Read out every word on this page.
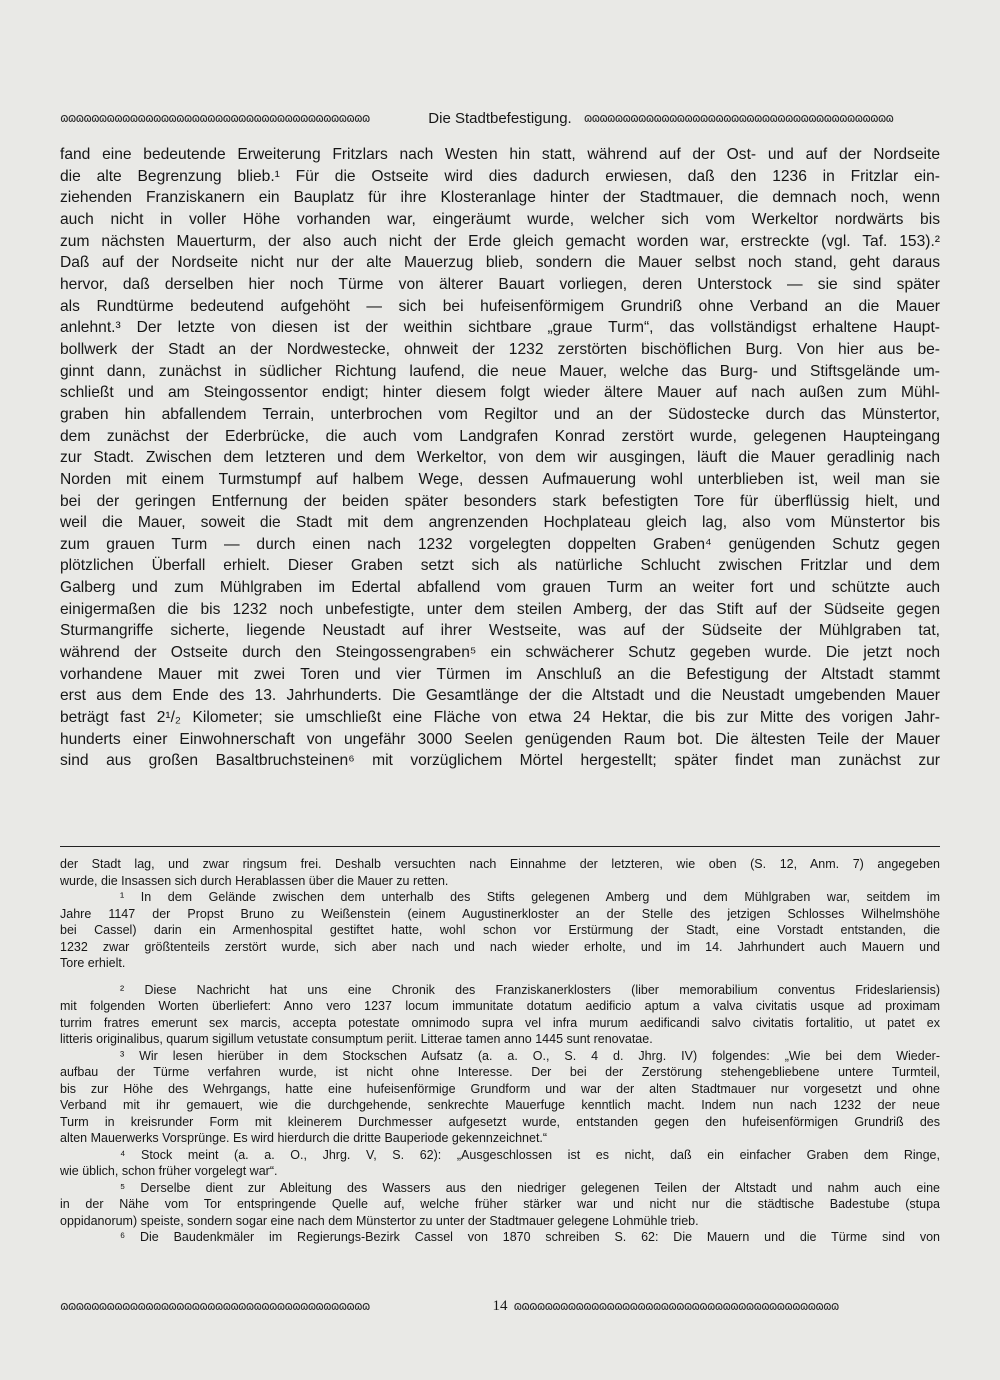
ɷɷɷɷɷɷɷɷɷɷɷɷɷɷɷɷɷɷɷɷɷɷɷɷɷɷɷɷɷɷɷɷɷɷɷɷɷɷɷɷ	Die Stadtbefestigung. ɷɷɷɷɷɷɷɷɷɷɷɷɷɷɷɷɷɷɷɷɷɷɷɷɷɷɷɷɷɷɷɷɷɷɷɷɷɷɷɷ
fand eine bedeutende Erweiterung Fritzlars nach Westen hin statt, während auf der Ost- und auf der Nordseite
die alte Begrenzung blieb.¹ Für die Ostseite wird dies dadurch erwiesen, daß den 1236 in Fritzlar ein-
ziehenden Franziskanern ein Bauplatz für ihre Klosteranlage hinter der Stadtmauer, die demnach noch, wenn
auch nicht in voller Höhe vorhanden war, eingeräumt wurde, welcher sich vom Werkeltor nordwärts bis
zum nächsten Mauerturm, der also auch nicht der Erde gleich gemacht worden war, erstreckte (vgl. Taf. 153).²
Daß auf der Nordseite nicht nur der alte Mauerzug blieb, sondern die Mauer selbst noch stand, geht daraus
hervor, daß derselben hier noch Türme von älterer Bauart vorliegen, deren Unterstock — sie sind später
als Rundtürme bedeutend aufgehöht — sich bei hufeisenförmigem Grundriß ohne Verband an die Mauer
anlehnt.³ Der letzte von diesen ist der weithin sichtbare „graue Turm“, das vollständigst erhaltene Haupt-
bollwerk der Stadt an der Nordwestecke, ohnweit der 1232 zerstörten bischöflichen Burg. Von hier aus be-
ginnt dann, zunächst in südlicher Richtung laufend, die neue Mauer, welche das Burg- und Stiftsgelände um-
schließt und am Steingossentor endigt; hinter diesem folgt wieder ältere Mauer auf nach außen zum Mühl-
graben hin abfallendem Terrain, unterbrochen vom Regiltor und an der Südostecke durch das Münstertor,
dem zunächst der Ederbrücke, die auch vom Landgrafen Konrad zerstört wurde, gelegenen Haupteingang
zur Stadt. Zwischen dem letzteren und dem Werkeltor, von dem wir ausgingen, läuft die Mauer geradlinig nach
Norden mit einem Turmstumpf auf halbem Wege, dessen Aufmauerung wohl unterblieben ist, weil man sie
bei der geringen Entfernung der beiden später besonders stark befestigten Tore für überflüssig hielt, und
weil die Mauer, soweit die Stadt mit dem angrenzenden Hochplateau gleich lag, also vom Münstertor bis
zum grauen Turm — durch einen nach 1232 vorgelegten doppelten Graben⁴ genügenden Schutz gegen
plötzlichen Überfall erhielt. Dieser Graben setzt sich als natürliche Schlucht zwischen Fritzlar und dem
Galberg und zum Mühlgraben im Edertal abfallend vom grauen Turm an weiter fort und schützte auch
einigermaßen die bis 1232 noch unbefestigte, unter dem steilen Amberg, der das Stift auf der Südseite gegen
Sturmangriffe sicherte, liegende Neustadt auf ihrer Westseite, was auf der Südseite der Mühlgraben tat,
während der Ostseite durch den Steingossengraben⁵ ein schwächerer Schutz gegeben wurde. Die jetzt noch
vorhandene Mauer mit zwei Toren und vier Türmen im Anschluß an die Befestigung der Altstadt stammt
erst aus dem Ende des 13. Jahrhunderts. Die Gesamtlänge der die Altstadt und die Neustadt umgebenden Mauer
beträgt fast 2¹/₂ Kilometer; sie umschließt eine Fläche von etwa 24 Hektar, die bis zur Mitte des vorigen Jahr-
hunderts einer Einwohnerschaft von ungefähr 3000 Seelen genügenden Raum bot. Die ältesten Teile der Mauer
sind aus großen Basaltbruchsteinen⁶ mit vorzüglichem Mörtel hergestellt; später findet man zunächst zur
der Stadt lag, und zwar ringsum frei. Deshalb versuchten nach Einnahme der letzteren, wie oben (S. 12, Anm. 7) angegeben
wurde, die Insassen sich durch Herablassen über die Mauer zu retten.
¹ In dem Gelände zwischen dem unterhalb des Stifts gelegenen Amberg und dem Mühlgraben war, seitdem im
Jahre 1147 der Propst Bruno zu Weißenstein (einem Augustinerkloster an der Stelle des jetzigen Schlosses Wilhelmshöhe
bei Cassel) darin ein Armenhospital gestiftet hatte, wohl schon vor Erstürmung der Stadt, eine Vorstadt entstanden, die
1232 zwar größtenteils zerstört wurde, sich aber nach und nach wieder erholte, und im 14. Jahrhundert auch Mauern und
Tore erhielt.
² Diese Nachricht hat uns eine Chronik des Franziskanerklosters (liber memorabilium conventus Frideslariensis)
mit folgenden Worten überliefert: Anno vero 1237 locum immunitate dotatum aedificio aptum a valva civitatis usque ad proximam
turrim fratres emerunt sex marcis, accepta potestate omnimodo supra vel infra murum aedificandi salvo civitatis fortalitio, ut patet ex
litteris originalibus, quarum sigillum vetustate consumptum periit. Litterae tamen anno 1445 sunt renovatae.
³ Wir lesen hierüber in dem Stockschen Aufsatz (a. a. O., S. 4 d. Jhrg. IV) folgendes: „Wie bei dem Wieder-
aufbau der Türme verfahren wurde, ist nicht ohne Interesse. Der bei der Zerstörung stehengebliebene untere Turmteil,
bis zur Höhe des Wehrgangs, hatte eine hufeisenförmige Grundform und war der alten Stadtmauer nur vorgesetzt und ohne
Verband mit ihr gemauert, wie die durchgehende, senkrechte Mauerfuge kenntlich macht. Indem nun nach 1232 der neue
Turm in kreisrunder Form mit kleinerem Durchmesser aufgesetzt wurde, entstanden gegen den hufeisenförmigen Grundriß des
alten Mauerwerks Vorsprünge. Es wird hierdurch die dritte Bauperiode gekennzeichnet.“
⁴ Stock meint (a. a. O., Jhrg. V, S. 62): „Ausgeschlossen ist es nicht, daß ein einfacher Graben dem Ringe,
wie üblich, schon früher vorgelegt war“.
⁵ Derselbe dient zur Ableitung des Wassers aus den niedriger gelegenen Teilen der Altstadt und nahm auch eine
in der Nähe vom Tor entspringende Quelle auf, welche früher stärker war und nicht nur die städtische Badestube (stupa
oppidanorum) speiste, sondern sogar eine nach dem Münstertor zu unter der Stadtmauer gelegene Lohmühle trieb.
⁶ Die Baudenkmäler im Regierungs-Bezirk Cassel von 1870 schreiben S. 62: Die Mauern und die Türme sind von
ɷɷɷɷɷɷɷɷɷɷɷɷɷɷɷɷɷɷɷɷɷɷɷɷɷɷɷɷɷɷɷɷɷɷɷɷɷɷɷɷ	14 ɷɷɷɷɷɷɷɷɷɷɷɷɷɷɷɷɷɷɷɷɷɷɷɷɷɷɷɷɷɷɷɷɷɷɷɷɷɷɷɷɷɷ
